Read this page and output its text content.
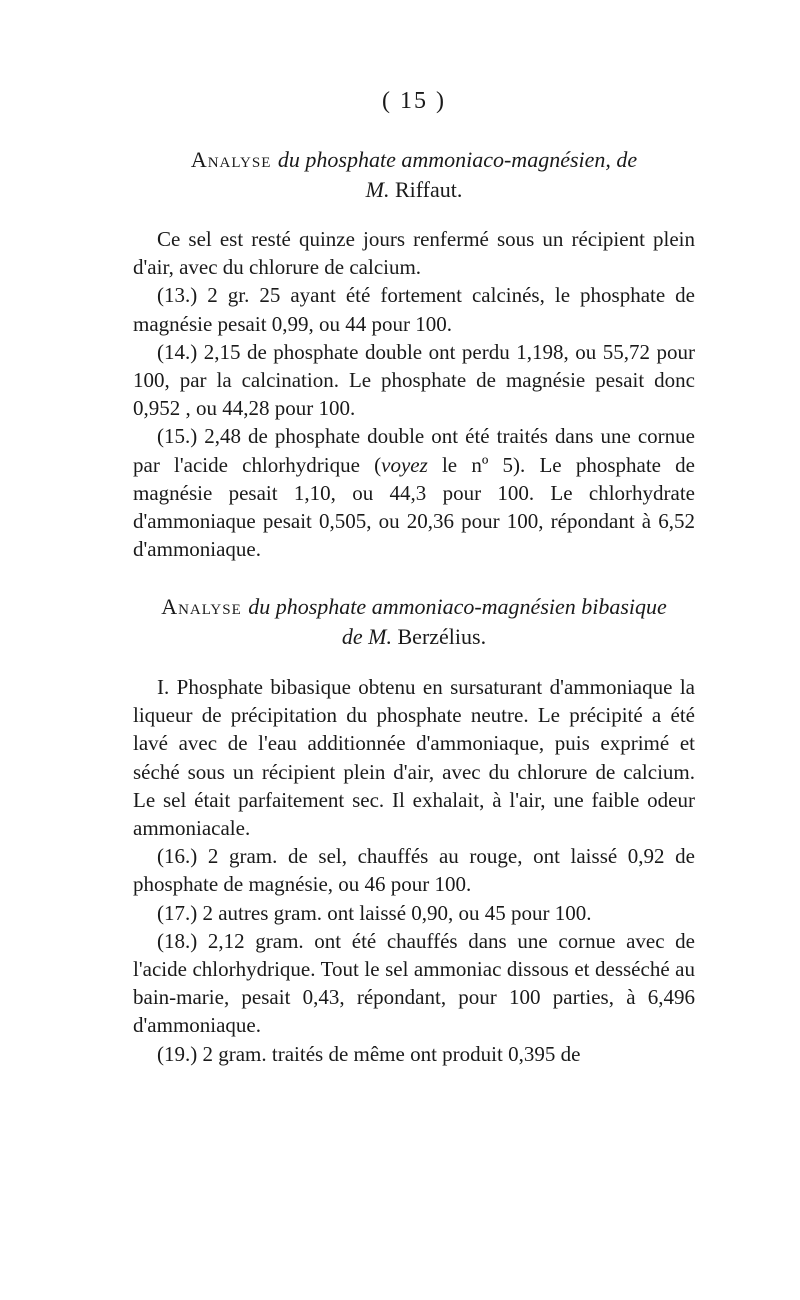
( 15 )
Analyse du phosphate ammoniaco-magnésien, de
M. Riffaut.

Ce sel est resté quinze jours renfermé sous un récipient plein d'air, avec du chlorure de calcium.

(13.) 2 gr. 25 ayant été fortement calcinés, le phosphate de magnésie pesait 0,99, ou 44 pour 100.

(14.) 2,15 de phosphate double ont perdu 1,198, ou 55,72 pour 100, par la calcination. Le phosphate de magnésie pesait donc 0,952 , ou 44,28 pour 100.

(15.) 2,48 de phosphate double ont été traités dans une cornue par l'acide chlorhydrique (voyez le nº 5). Le phosphate de magnésie pesait 1,10, ou 44,3 pour 100. Le chlorhydrate d'ammoniaque pesait 0,505, ou 20,36 pour 100, répondant à 6,52 d'ammoniaque.

Analyse du phosphate ammoniaco-magnésien bibasique
de M. Berzélius.

I. Phosphate bibasique obtenu en sursaturant d'ammoniaque la liqueur de précipitation du phosphate neutre. Le précipité a été lavé avec de l'eau additionnée d'ammoniaque, puis exprimé et séché sous un récipient plein d'air, avec du chlorure de calcium. Le sel était parfaitement sec. Il exhalait, à l'air, une faible odeur ammoniacale.

(16.) 2 gram. de sel, chauffés au rouge, ont laissé 0,92 de phosphate de magnésie, ou 46 pour 100.

(17.) 2 autres gram. ont laissé 0,90, ou 45 pour 100.

(18.) 2,12 gram. ont été chauffés dans une cornue avec de l'acide chlorhydrique. Tout le sel ammoniac dissous et desséché au bain-marie, pesait 0,43, répondant, pour 100 parties, à 6,496 d'ammoniaque.

(19.) 2 gram. traités de même ont produit 0,395 de
